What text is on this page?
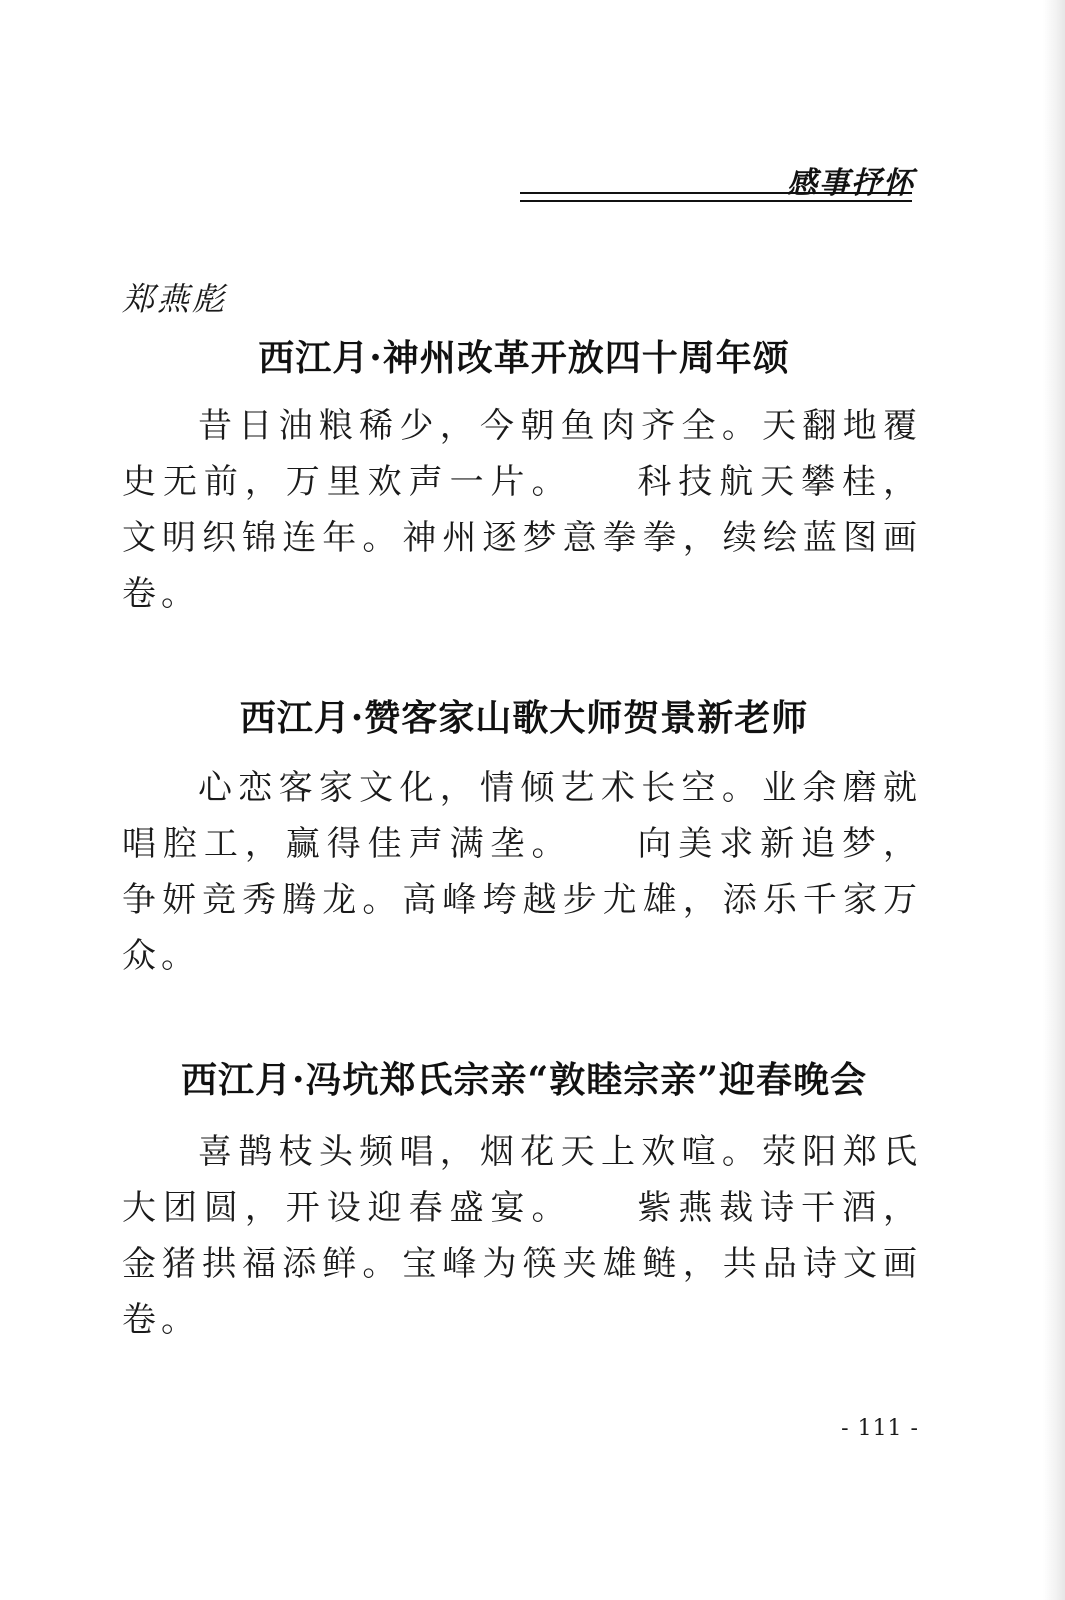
感事抒怀
郑燕彪
西江月·神州改革开放四十周年颂

昔日油粮稀少，今朝鱼肉齐全。天翻地覆史无前，万里欢声一片。　　科技航天攀桂，文明织锦连年。神州逐梦意拳拳，续绘蓝图画卷。

西江月·赞客家山歌大师贺景新老师

心恋客家文化，情倾艺术长空。业余磨就唱腔工，赢得佳声满垄。　　向美求新追梦，争妍竞秀腾龙。高峰垮越步尤雄，添乐千家万众。

西江月·冯坑郑氏宗亲“敦睦宗亲”迎春晚会

喜鹊枝头频唱，烟花天上欢喧。荥阳郑氏大团圆，开设迎春盛宴。　　紫燕裁诗干酒，金猪拱福添鲜。宝峰为筷夹雄鲢，共品诗文画卷。

- 111 -
